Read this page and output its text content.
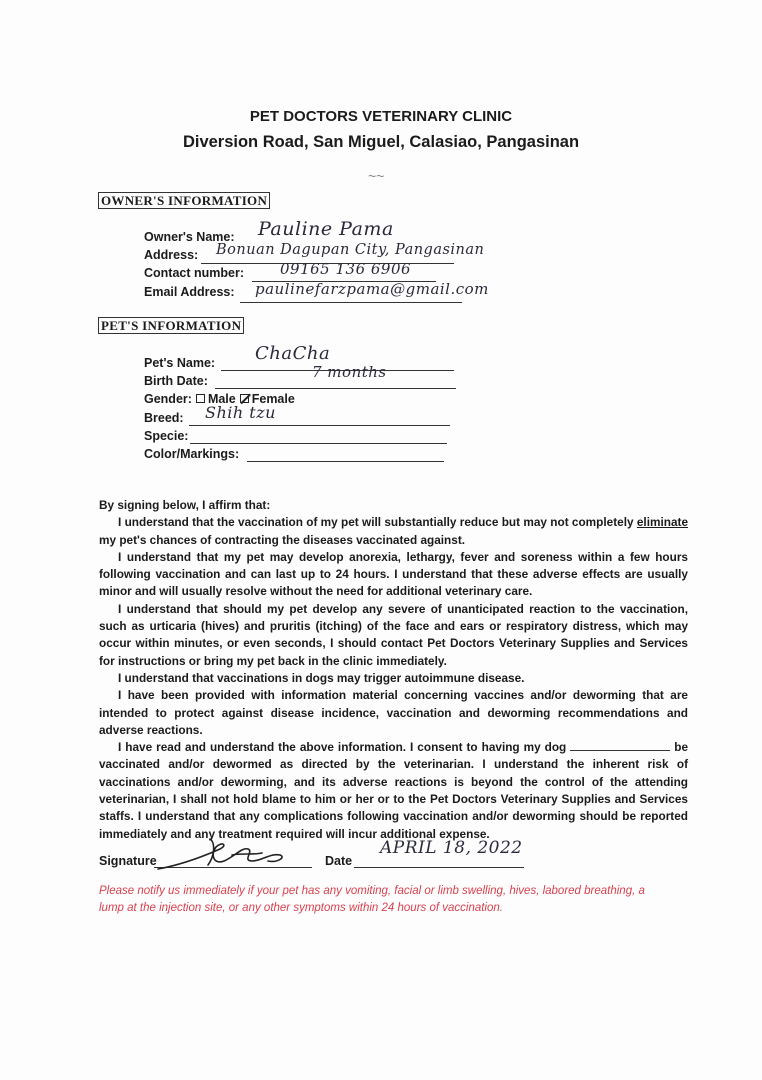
PET DOCTORS VETERINARY CLINIC
Diversion Road, San Miguel, Calasiao, Pangasinan
~~
OWNER'S INFORMATION
Owner's Name: Pauline Pama
Address: Bonuan Dagupan City, Pangasinan
Contact number: 09165 136 6906
Email Address: paulinefarzpama@gmail.com
PET'S INFORMATION
Pet's Name: ChaCha
Birth Date:	7 months
Gender: Male Female
Breed: Shih tzu
Specie:
Color/Markings:

By signing below, I affirm that:

I understand that the vaccination of my pet will substantially reduce but may not completely eliminate my pet's chances of contracting the diseases vaccinated against.

I understand that my pet may develop anorexia, lethargy, fever and soreness within a few hours following vaccination and can last up to 24 hours. I understand that these adverse effects are usually minor and will usually resolve without the need for additional veterinary care.

I understand that should my pet develop any severe of unanticipated reaction to the vaccination, such as urticaria (hives) and pruritis (itching) of the face and ears or respiratory distress, which may occur within minutes, or even seconds, I should contact Pet Doctors Veterinary Supplies and Services for instructions or bring my pet back in the clinic immediately.

I understand that vaccinations in dogs may trigger autoimmune disease.

I have been provided with information material concerning vaccines and/or deworming that are intended to protect against disease incidence, vaccination and deworming recommendations and adverse reactions.

I have read and understand the above information. I consent to having my dog	be vaccinated and/or dewormed as directed by the veterinarian. I understand the inherent risk of vaccinations and/or deworming, and its adverse reactions is beyond the control of the attending veterinarian, I shall not hold blame to him or her or to the Pet Doctors Veterinary Supplies and Services staffs. I understand that any complications following vaccination and/or deworming should be reported immediately and any treatment required will incur additional expense.

Signature	Date
APRIL 18, 2022
Please notify us immediately if your pet has any vomiting, facial or limb swelling, hives, labored breathing, a lump at the injection site, or any other symptoms within 24 hours of vaccination.
